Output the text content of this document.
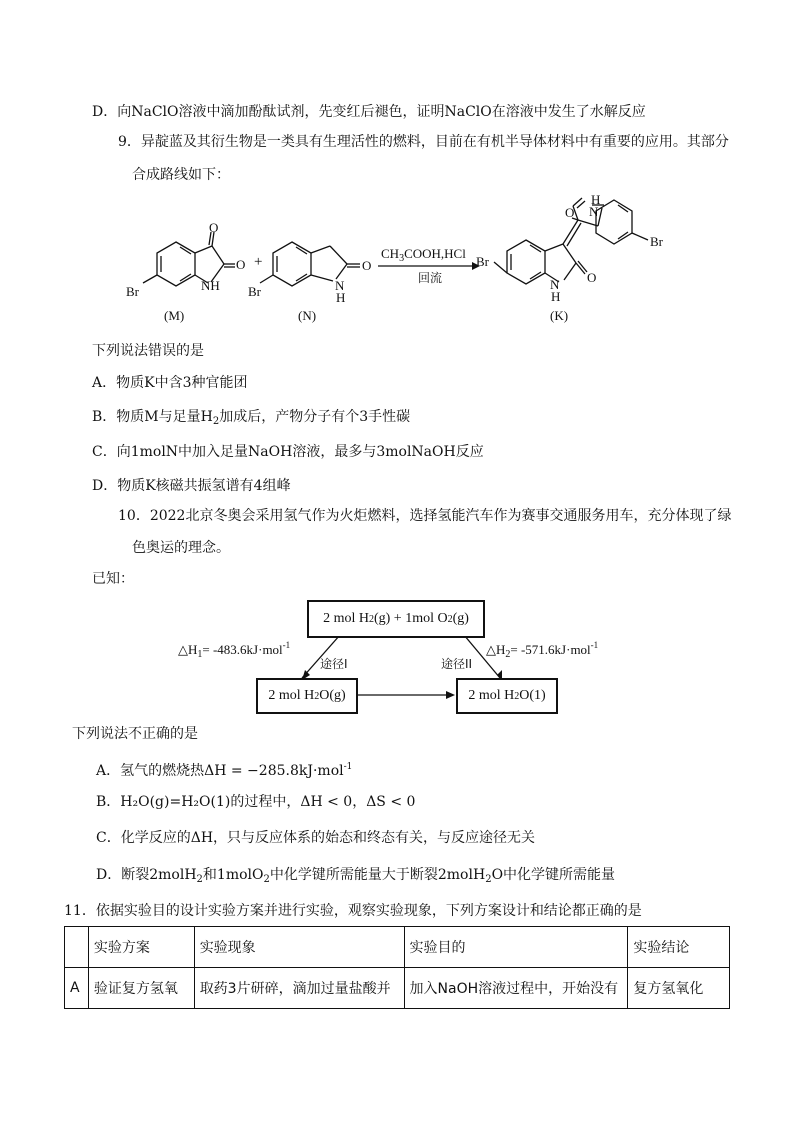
D．向NaClO溶液中滴加酚酞试剂，先变红后褪色，证明NaClO在溶液中发生了水解反应
9．异靛蓝及其衍生物是一类具有生理活性的燃料，目前在有机半导体材料中有重要的应用。其部分
合成路线如下：
O
O
NH
Br
(M)
+	O
N
H
Br
(N)
$CH_3COOH,HCl$
回流
Br
O
N
H
O
H
N
Br
(K)
下列说法错误的是
A．物质K中含3种官能团
B．物质M与足量$H_2$加成后，产物分子有个3手性碳
C．向1molN中加入足量NaOH溶液，最多与3molNaOH反应
D．物质K核磁共振氢谱有4组峰
10．2022北京冬奥会采用氢气作为火炬燃料，选择氢能汽车作为赛事交通服务用车，充分体现了绿
色奥运的理念。
已知：
2 mol H 2 (g) + 1mol O 2 (g)
2 mol H 2 O(g)	2 mol H 2 O(1)
$\triangle H_1= -483.6kJ\cdot mol^{-1}$
途径I	途径II
$\triangle H_2= -571.6kJ\cdot mol^{-1}$
下列说法不正确的是
A．氢气的燃烧热ΔH = −285.8kJ·mol$^{-1}$
B．H₂O(g)=H₂O(1)的过程中，ΔH < 0，ΔS < 0
C．化学反应的ΔH，只与反应体系的始态和终态有关，与反应途径无关
D．断裂2molH$_2$和1molO$_2$中化学键所需能量大于断裂2molH$_2$O中化学键所需能量
11．依据实验目的设计实验方案并进行实验，观察实验现象，下列方案设计和结论都正确的是
	实验方案	实验现象	实验目的	实验结论
A	验证复方氢氧	取药3片研碎，滴加过量盐酸并	加入NaOH溶液过程中，开始没有	复方氢氧化
